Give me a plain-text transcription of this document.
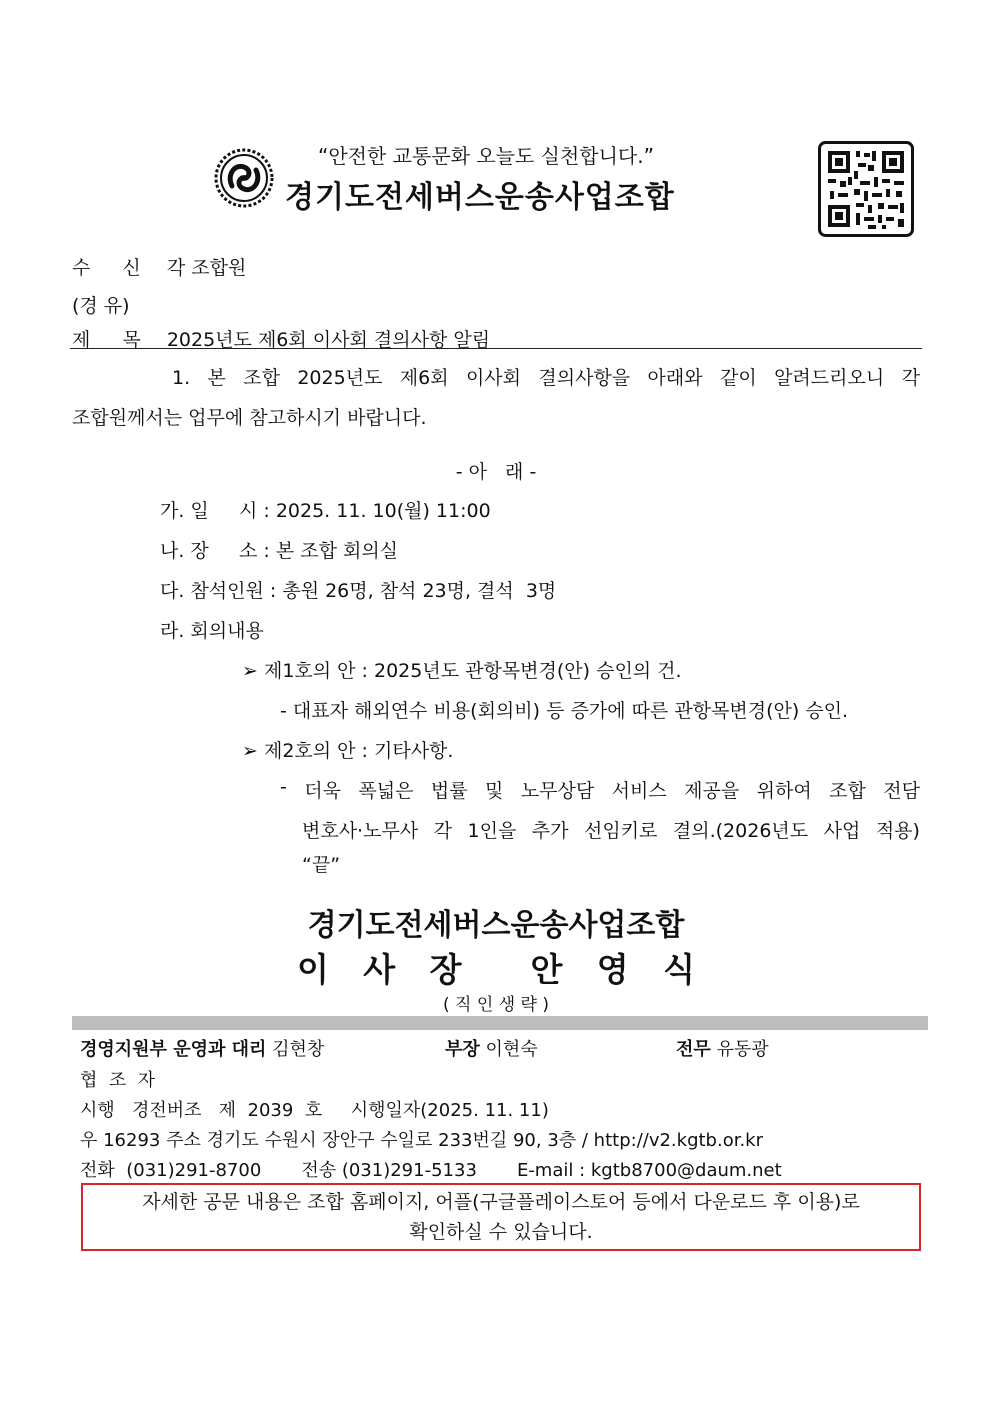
“안전한 교통문화 오늘도 실천합니다.”
경기도전세버스운송사업조합
수 신 각 조합원
(경 유)
제 목 2025년도 제6회 이사회 결의사항 알림
1. 본 조합 2025년도 제6회 이사회 결의사항을 아래와 같이 알려드리오니 각
조합원께서는 업무에 참고하시기 바랍니다.
- 아   래 -
가. 일     시 : 2025. 11. 10(월) 11:00
나. 장     소 : 본 조합 회의실
다. 참석인원 : 총원 26명, 참석 23명, 결석  3명
라. 회의내용
➢ 제1호의 안 : 2025년도 관항목변경(안) 승인의 건.
- 대표자 해외연수 비용(회의비) 등 증가에 따른 관항목변경(안) 승인.
➢ 제2호의 안 : 기타사항.
- 더욱 폭넓은 법률 및 노무상담 서비스 제공을 위하여 조합 전담
변호사·노무사 각 1인을 추가 선임키로 결의.(2026년도 사업 적용)
“끝”
경기도전세버스운송사업조합
이   사   장      안   영   식
( 직 인 생 략 )
경영지원부 운영과 대리 김현창	부장 이현숙	전무 유동광
협  조  자
시행   경전버조   제  2039  호     시행일자(2025. 11. 11)
우 16293 주소 경기도 수원시 장안구 수일로 233번길 90, 3층 / http://v2.kgtb.or.kr
전화  (031)291-8700       전송 (031)291-5133       E-mail : kgtb8700@daum.net
자세한 공문 내용은 조합 홈페이지, 어플(구글플레이스토어 등에서 다운로드 후 이용)로
확인하실 수 있습니다.
